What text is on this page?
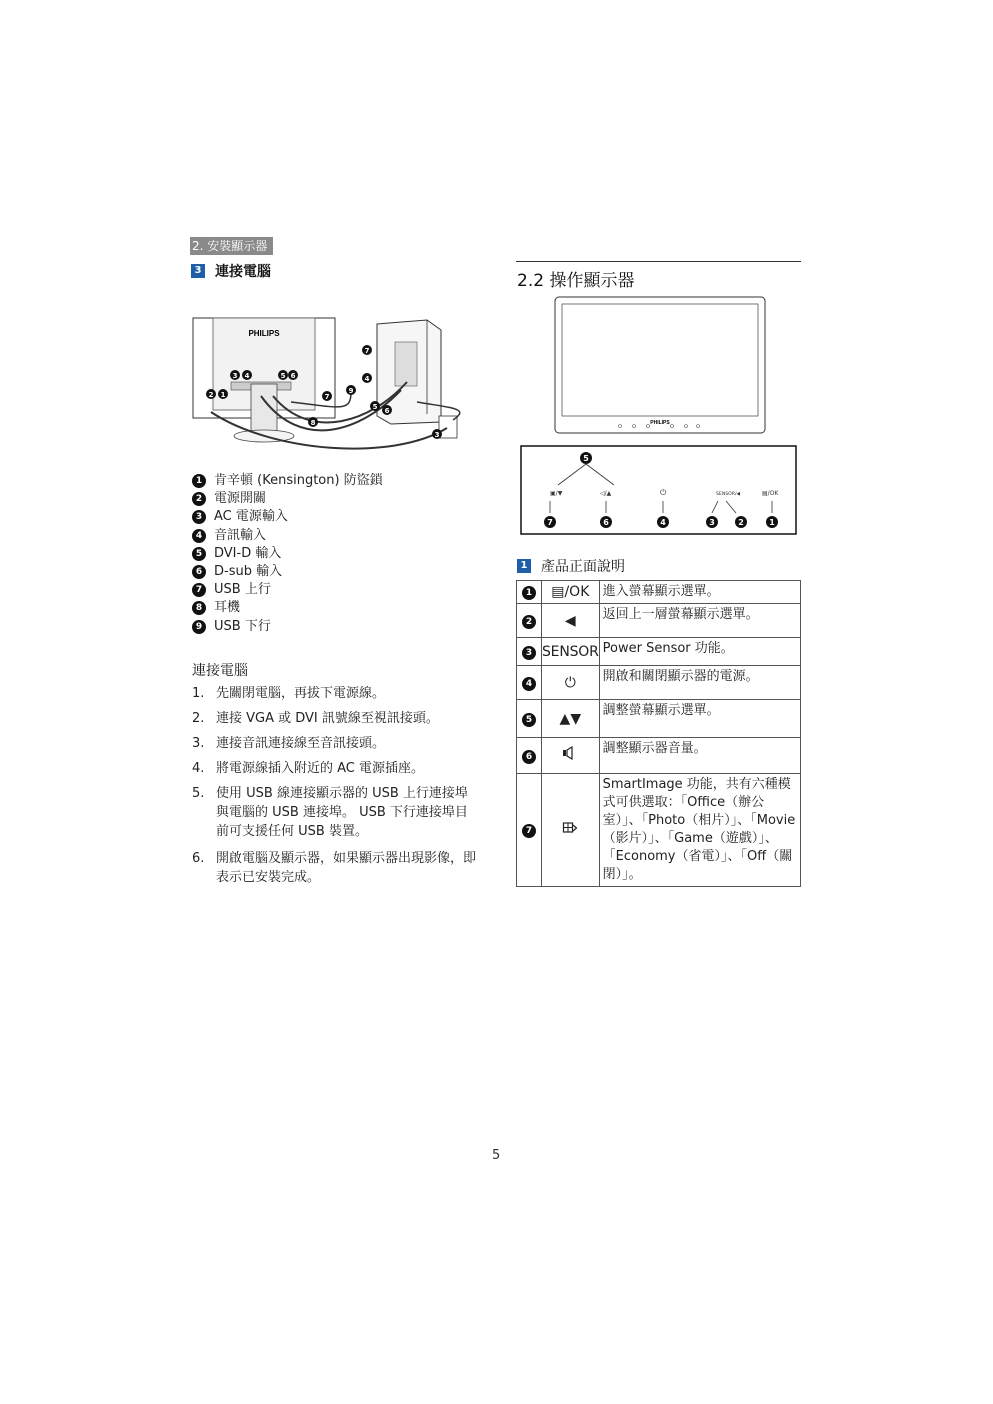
2. 安裝顯示器
3 連接電腦
PHILIPS
3 4	5 6
2 1
7
4
9
7
5 6
8
3
1 肯辛頓 (Kensington) 防盜鎖
2 電源開關
3 AC 電源輸入
4 音訊輸入
5 DVI-D 輸入
6 D-sub 輸入
7 USB 上行
8 耳機
9 USB 下行
連接電腦
1. 先關閉電腦，再拔下電源線。
2. 連接 VGA 或 DVI 訊號線至視訊接頭。
3. 連接音訊連接線至音訊接頭。
4. 將電源線插入附近的 AC 電源插座。
5. 使用 USB 線連接顯示器的 USB 上行連接埠與電腦的 USB 連接埠。 USB 下行連接埠目前可支援任何 USB 裝置。
6. 開啟電腦及顯示器，如果顯示器出現影像，即表示已安裝完成。
2.2 操作顯示器
PHILIPS
▣/▼	◁/▲	⏻	SENSOR/◀	▤/OK
5
7	6	4	3	2	1
1 產品正面說明
1	▤/OK	進入螢幕顯示選單。
2	◀	返回上一層螢幕顯示選單。
3	SENSOR	Power Sensor 功能。
4	⏻	開啟和關閉顯示器的電源。
5	▲▼	調整螢幕顯示選單。
6		調整顯示器音量。
7		SmartImage 功能，共有六種模式可供選取：「Office（辦公室）」、「Photo（相片）」、「Movie（影片）」、「Game（遊戲）」、「Economy（省電）」、「Off（關閉）」。
5
